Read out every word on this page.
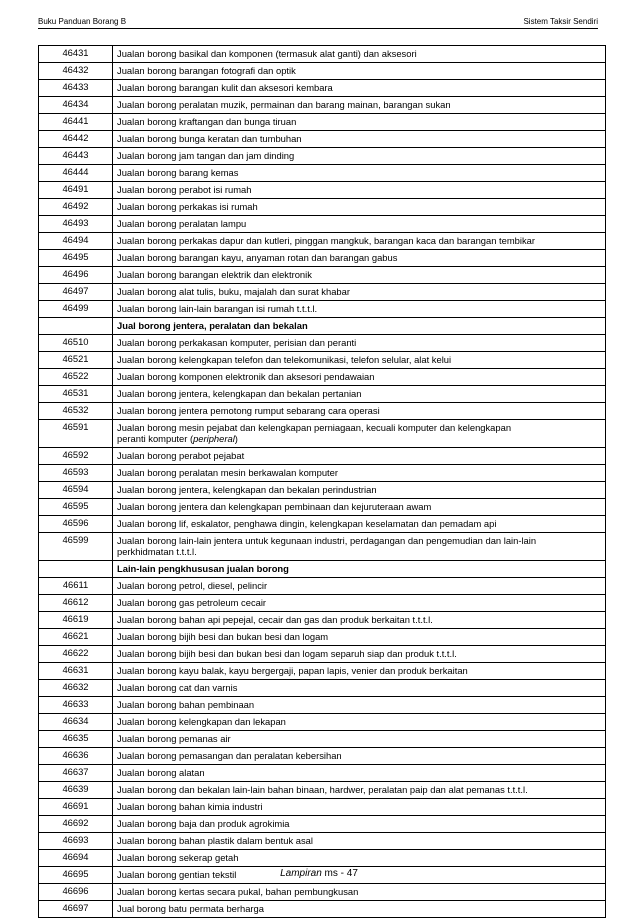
Buku Panduan Borang B	Sistem Taksir Sendiri
46431	Jualan borong basikal dan komponen (termasuk alat ganti) dan aksesori
46432	Jualan borong barangan fotografi dan optik
46433	Jualan borong barangan kulit dan aksesori kembara
46434	Jualan borong peralatan muzik, permainan dan barang mainan, barangan sukan
46441	Jualan borong kraftangan dan bunga tiruan
46442	Jualan borong bunga keratan dan tumbuhan
46443	Jualan borong jam tangan dan jam dinding
46444	Jualan borong barang kemas
46491	Jualan borong perabot isi rumah
46492	Jualan borong perkakas isi rumah
46493	Jualan borong peralatan lampu
46494	Jualan borong perkakas dapur dan kutleri, pinggan mangkuk, barangan kaca dan barangan tembikar
46495	Jualan borong barangan kayu, anyaman rotan dan barangan gabus
46496	Jualan borong barangan elektrik dan elektronik
46497	Jualan borong alat tulis, buku, majalah dan surat khabar
46499	Jualan borong lain-lain barangan isi rumah t.t.t.l.
	Jual borong jentera, peralatan dan bekalan
46510	Jualan borong perkakasan komputer, perisian dan peranti
46521	Jualan borong kelengkapan telefon dan telekomunikasi, telefon selular, alat kelui
46522	Jualan borong komponen elektronik dan aksesori pendawaian
46531	Jualan borong jentera, kelengkapan dan bekalan pertanian
46532	Jualan borong jentera pemotong rumput sebarang cara operasi
46591	Jualan borong mesin pejabat dan kelengkapan perniagaan, kecuali komputer dan kelengkapan
peranti komputer (peripheral)
46592	Jualan borong perabot pejabat
46593	Jualan borong peralatan mesin berkawalan komputer
46594	Jualan borong jentera, kelengkapan dan bekalan perindustrian
46595	Jualan borong jentera dan kelengkapan pembinaan dan kejuruteraan awam
46596	Jualan borong lif, eskalator, penghawa dingin, kelengkapan keselamatan dan pemadam api
46599	Jualan borong lain-lain jentera untuk kegunaan industri, perdagangan dan pengemudian dan lain-lain
perkhidmatan t.t.t.l.
	Lain-lain pengkhususan jualan borong
46611	Jualan borong petrol, diesel, pelincir
46612	Jualan borong gas petroleum cecair
46619	Jualan borong bahan api pepejal, cecair dan gas dan produk berkaitan t.t.t.l.
46621	Jualan borong bijih besi dan bukan besi dan logam
46622	Jualan borong bijih besi dan bukan besi dan logam separuh siap dan produk t.t.t.l.
46631	Jualan borong kayu balak, kayu bergergaji, papan lapis, venier dan produk berkaitan
46632	Jualan borong cat dan varnis
46633	Jualan borong bahan pembinaan
46634	Jualan borong kelengkapan dan lekapan
46635	Jualan borong pemanas air
46636	Jualan borong pemasangan dan peralatan kebersihan
46637	Jualan borong alatan
46639	Jualan borong dan bekalan lain-lain bahan binaan, hardwer, peralatan paip dan alat pemanas t.t.t.l.
46691	Jualan borong bahan kimia industri
46692	Jualan borong baja dan produk agrokimia
46693	Jualan borong bahan plastik dalam bentuk asal
46694	Jualan borong sekerap getah
46695	Jualan borong gentian tekstil
46696	Jualan borong kertas secara pukal, bahan pembungkusan
46697	Jual borong batu permata berharga
Lampiran ms - 47
